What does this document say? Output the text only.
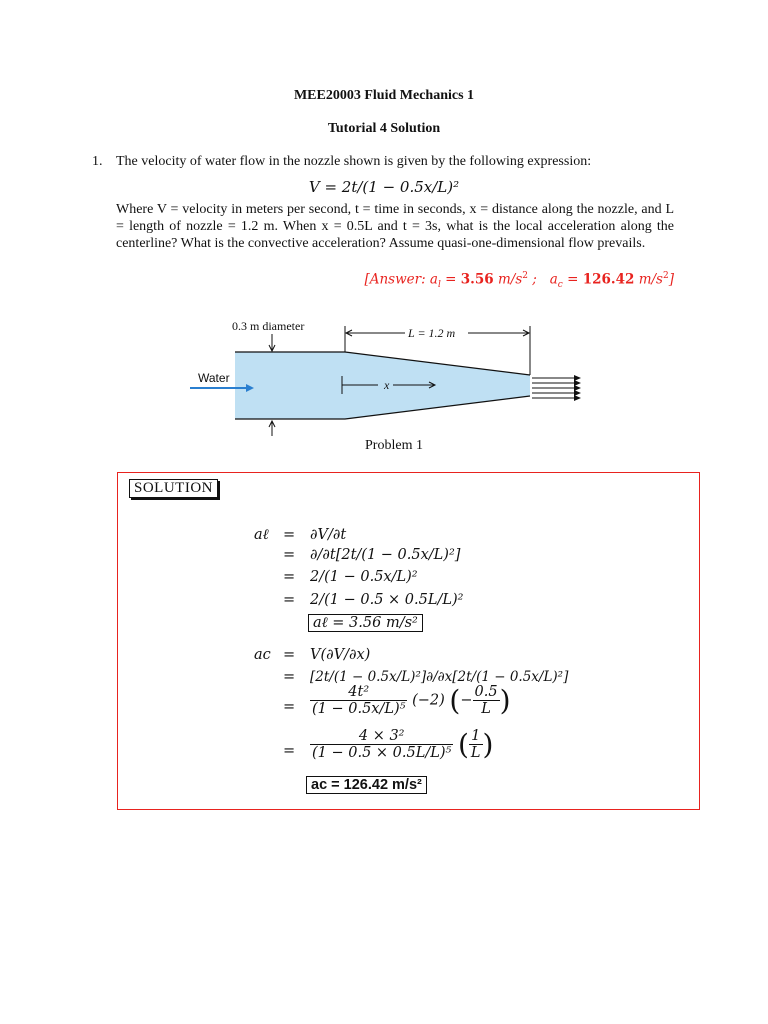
MEE20003 Fluid Mechanics 1
Tutorial 4 Solution
1. The velocity of water flow in the nozzle shown is given by the following expression:
V = 2t/(1 − 0.5x/L)²
Where V = velocity in meters per second, t = time in seconds, x = distance along the nozzle, and L = length of nozzle = 1.2 m. When x = 0.5L and t = 3s, what is the local acceleration along the centerline? What is the convective acceleration? Assume quasi-one-dimensional flow prevails.
[Answer: $a_l = 3.56$ $m/s^2$ ; $a_c = 126.42$ $m/s^2$]
0.3 m diameter	L = 1.2 m
Water	x
Problem 1
SOLUTION
aℓ = ∂V/∂t
= ∂/∂t[2t/(1 − 0.5x/L)²]
= 2/(1 − 0.5x/L)²
= 2/(1 − 0.5 × 0.5L/L)²
aℓ = 3.56 m/s²
ac = V(∂V/∂x)
= [2t/(1 − 0.5x/L)²]∂/∂x[2t/(1 − 0.5x/L)²]
= $\frac{\text{4t²}}{\text{(1 − 0.5x/L)⁵}} (-2)$ (− $\frac{0.5}{L}$ )
= $\frac{\text{4 × 3²}}{\text{(1 − 0.5 × 0.5L/L)⁵}}$ ( $\frac{1}{L}$ )
ac = 126.42 m/s²
